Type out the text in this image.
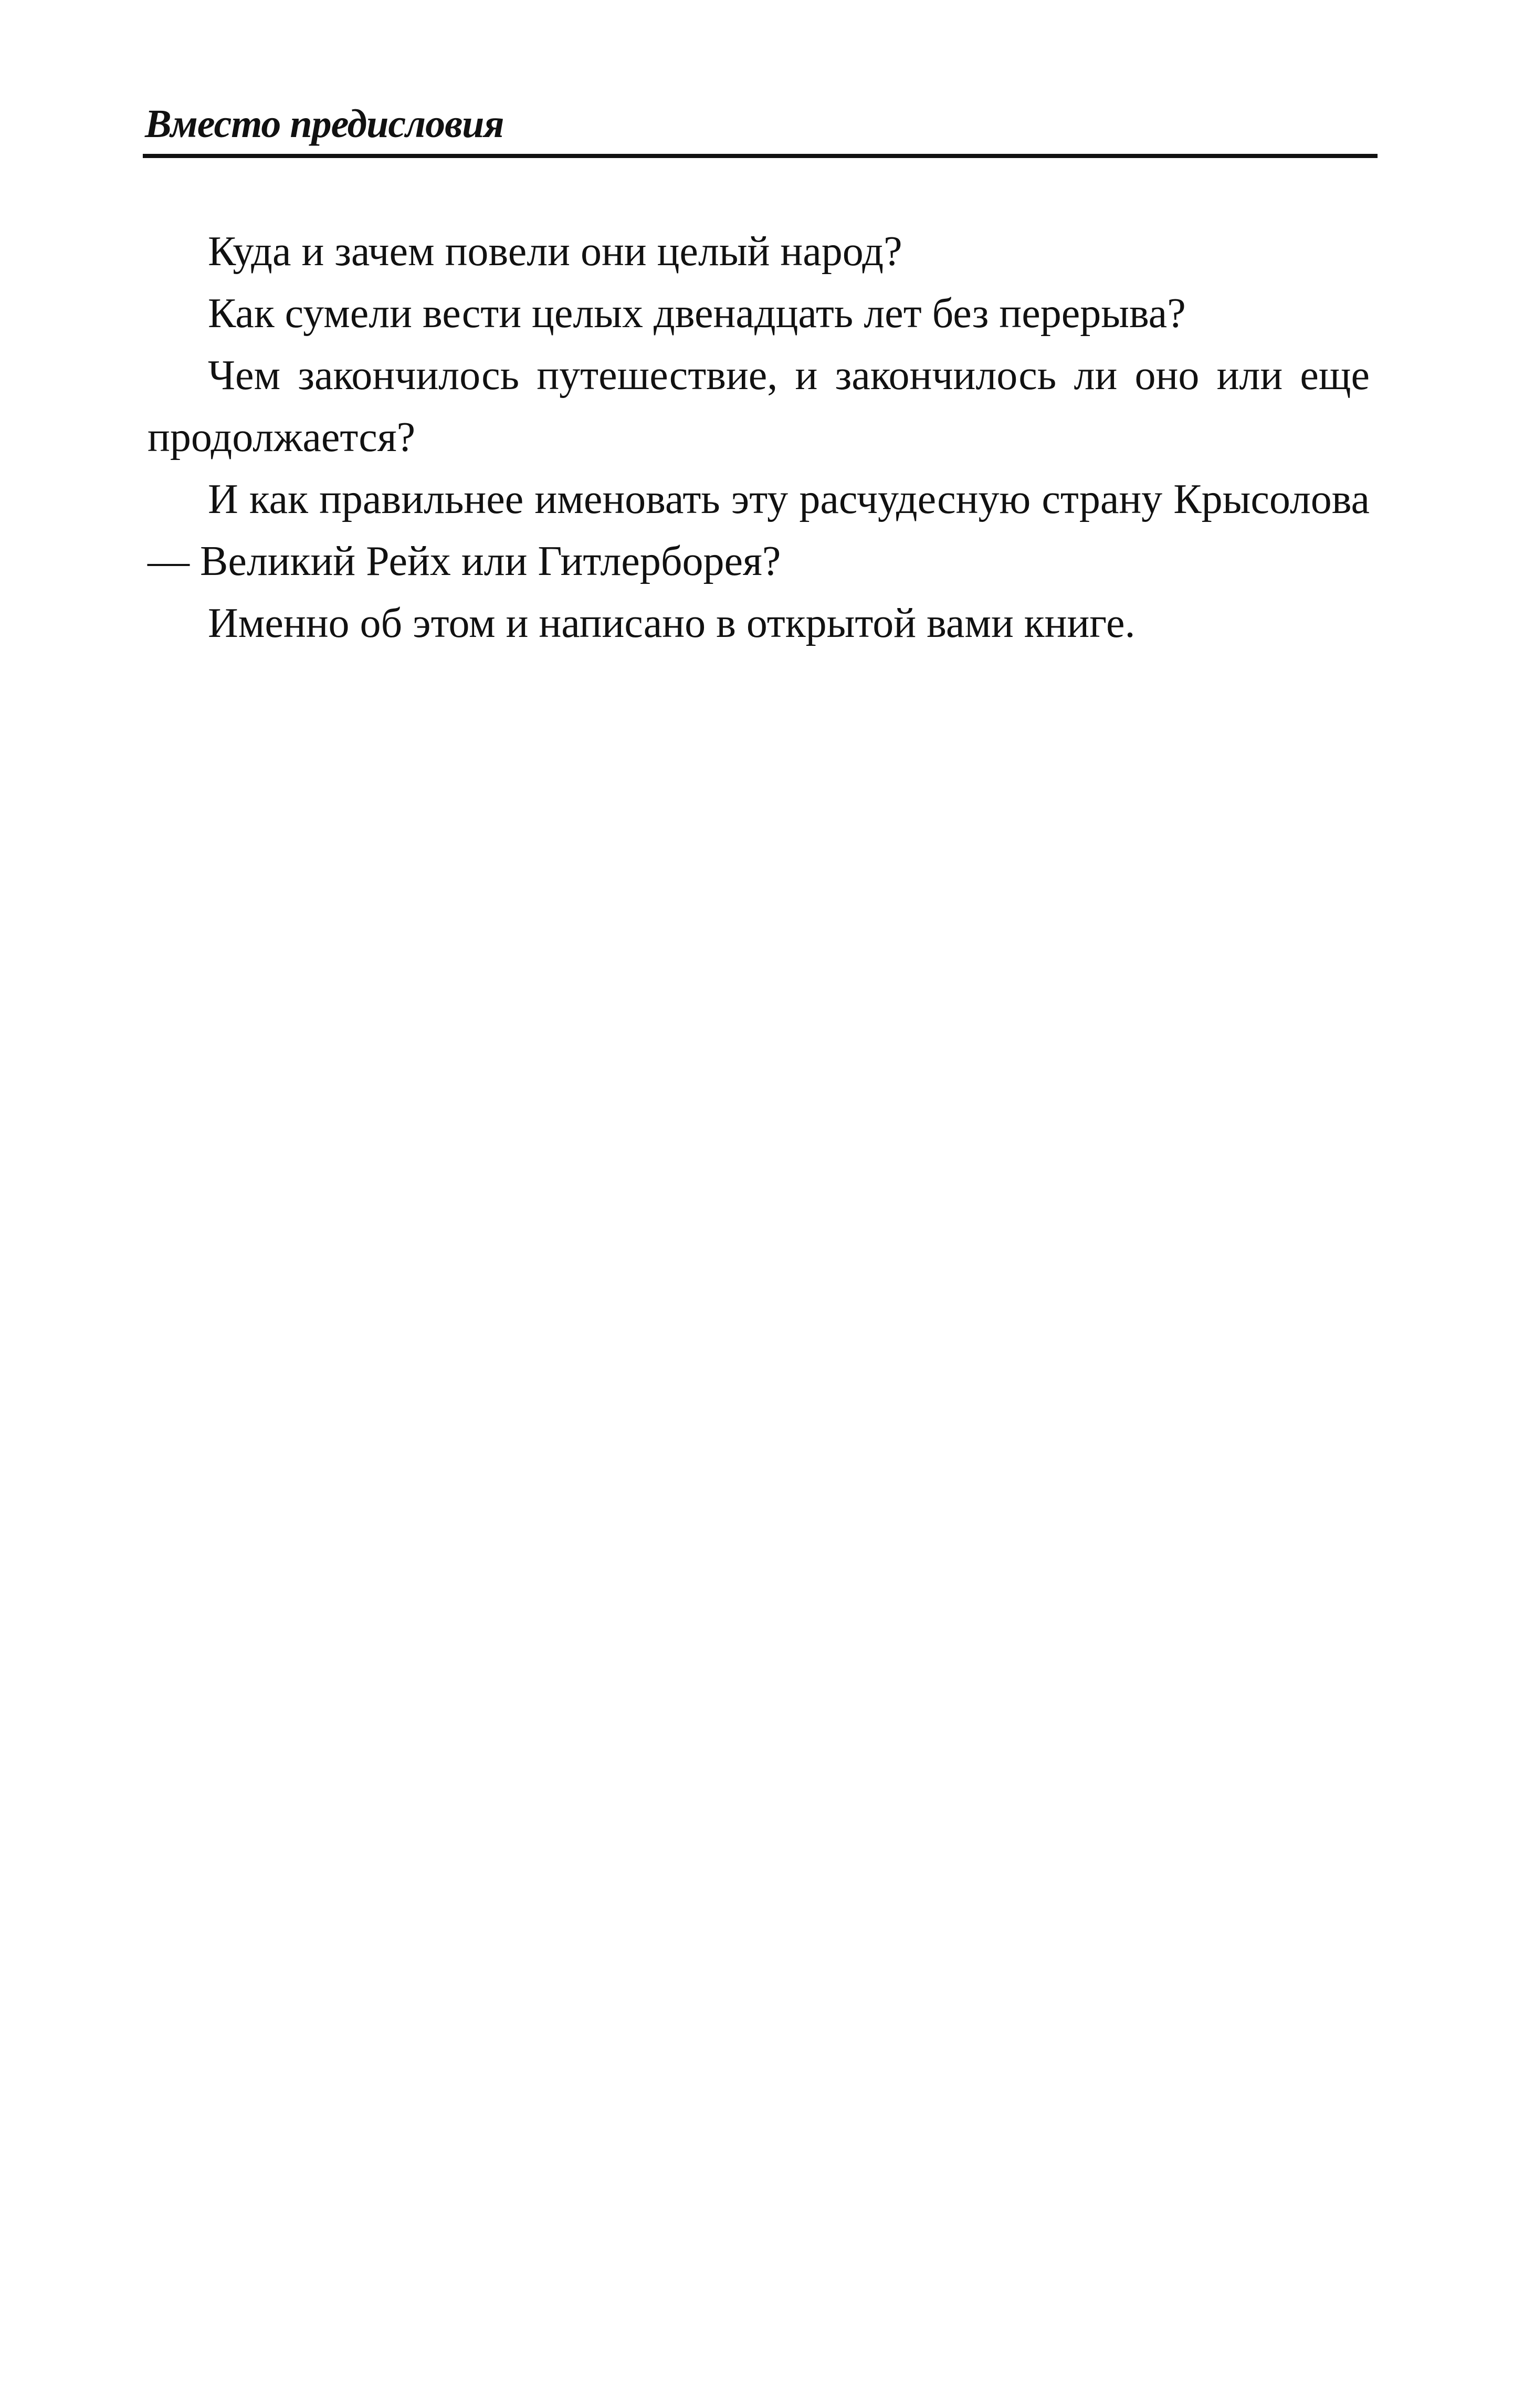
Вместо предисловия

Куда и зачем повели они целый народ?

Как сумели вести целых двенадцать лет без перерыва?

Чем закончилось путешествие, и закончилось ли оно или еще продолжается?

И как правильнее именовать эту расчудесную страну Крысолова — Великий Рейх или Гитлерборея?

Именно об этом и написано в открытой вами книге.
